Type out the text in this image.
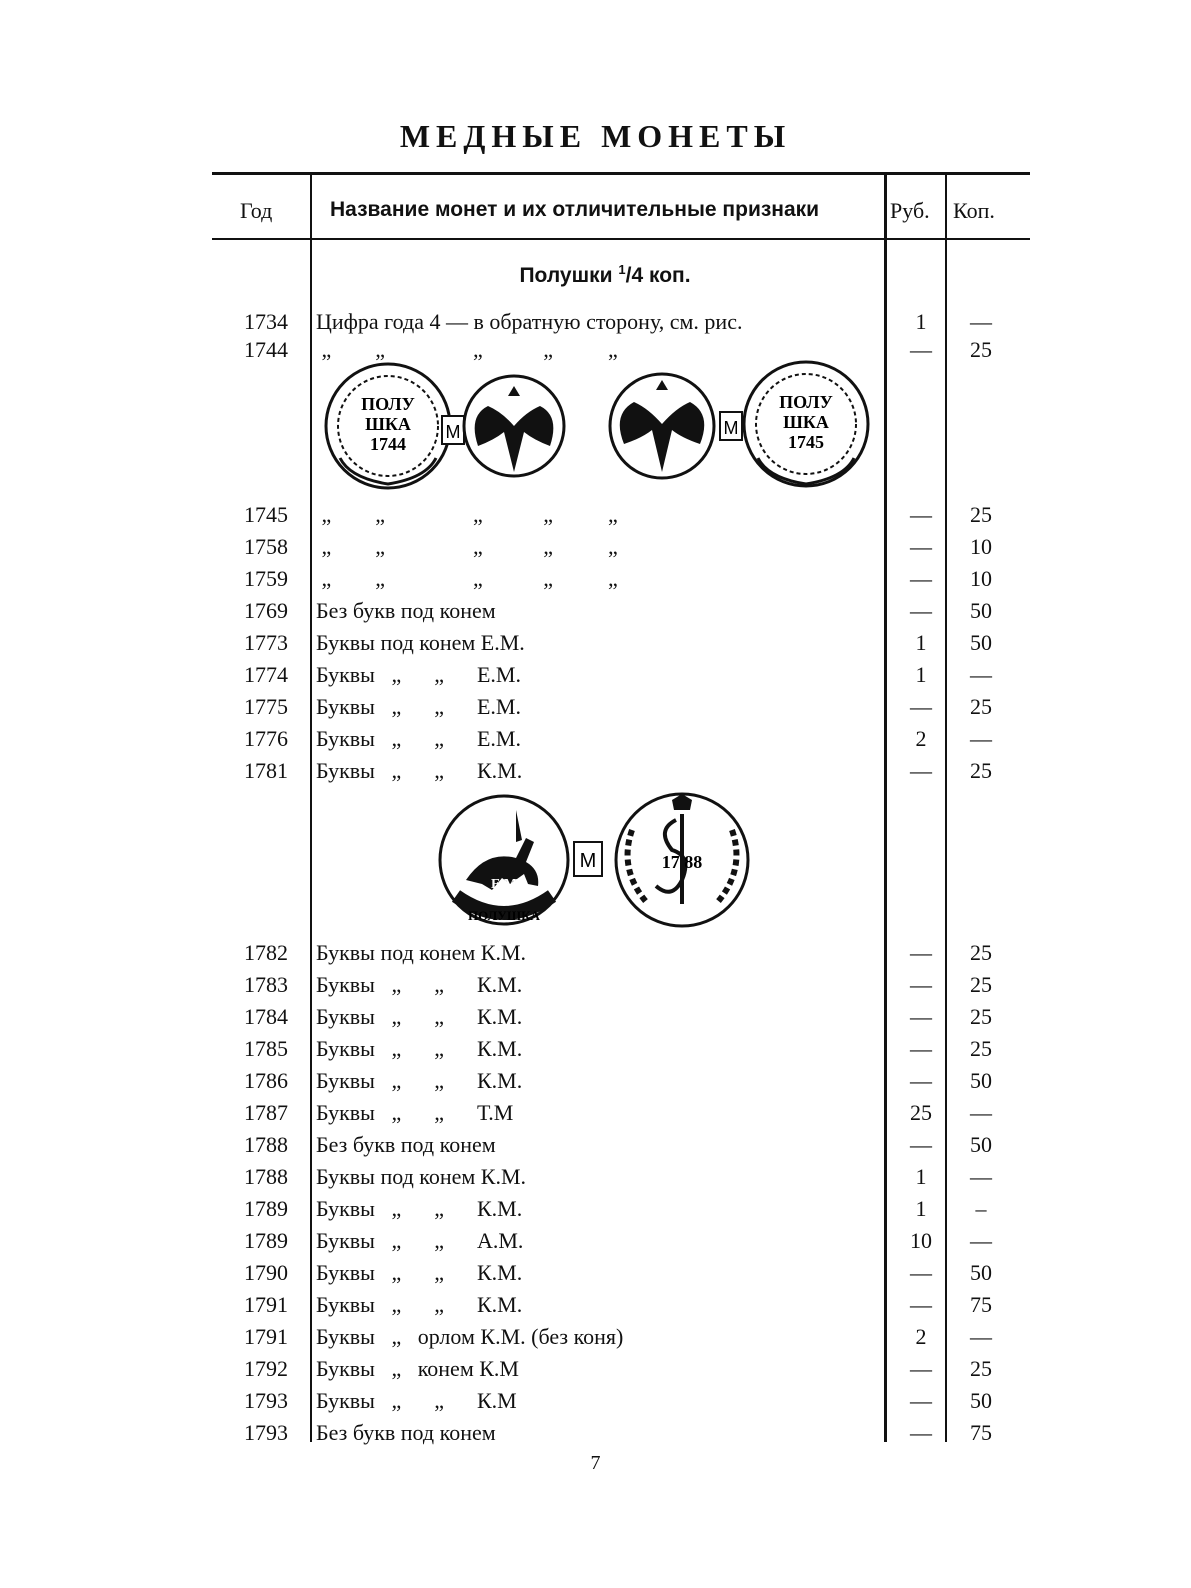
МЕДНЫЕ МОНЕТЫ
Год	Название монет и их отличительные признаки	Руб. Коп.
Полушки $^1$/4 коп.
1734 Цифра года 4 — в обратную сторону, см. рис.	1	—
1744 „        „                „           „          „	—	25
1745 „        „                „           „          „	—	25
1758 „        „                „           „          „	—	10
1759 „        „                „           „          „	—	10
1769 Без букв под конем	—	50
1773 Буквы под конем Е.М.	1	50
1774 Буквы   „      „      Е.М.	1	—
1775 Буквы   „      „      Е.М.	—	25
1776 Буквы   „      „      Е.М.	2	—
1781 Буквы   „      „      К.М.	—	25
1782 Буквы под конем К.М.	—	25
1783 Буквы   „      „      К.М.	—	25
1784 Буквы   „      „      К.М.	—	25
1785 Буквы   „      „      К.М.	—	25
1786 Буквы   „      „      К.М.	—	50
1787 Буквы   „      „      Т.М	25	—
1788 Без букв под конем	—	50
1788 Буквы под конем К.М.	1	—
1789 Буквы   „      „      К.М.	1	–
1789 Буквы   „      „      А.М.	10	—
1790 Буквы   „      „      К.М.	—	50
1791 Буквы   „      „      К.М.	—	75
1791 Буквы   „   орлом К.М. (без коня)	2	—
1792 Буквы   „   конем К.М	—	25
1793 Буквы   „      „      К.М	—	50
1793 Без букв под конем	—	75
ПОЛУ
ШКА
1744
М	М
ПОЛУ
ШКА
1745
Е М
ПОЛУШКА
М	17 88
7
